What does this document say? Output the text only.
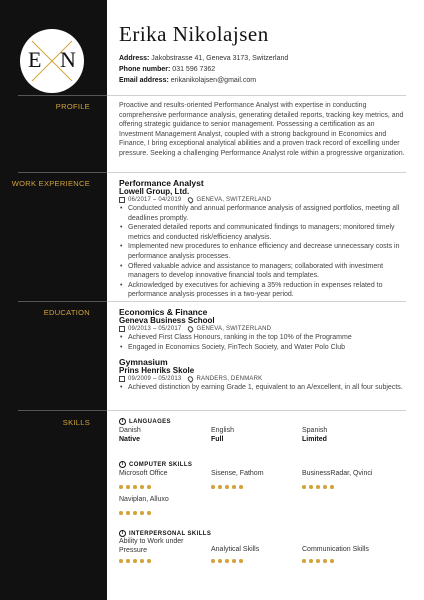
E N
Erika Nikolajsen
Address: Jakobstrasse 41, Geneva 3173, Switzerland
Phone number: 031 596 7362
Email address: erikanikolajsen@gmail.com
PROFILE	Proactive and results-oriented Performance Analyst with expertise in conducting comprehensive performance analysis, generating detailed reports, tracking key metrics, and offering strategic guidance to senior management. Possessing a certification as an Investment Management Analyst, coupled with a strong background in Economics and Finance, I bring exceptional analytical abilities and a proven track record of excelling under pressure. Seeking a challenging Performance Analyst role within a progressive organization.
WORK EXPERIENCE	Performance Analyst
Lowell Group, Ltd.
06/2017 – 04/2019	GENEVA, SWITZERLAND
• Conducted monthly and annual performance analysis of assigned portfolios, meeting all deadlines promptly.
• Generated detailed reports and communicated findings to managers; monitored timely metrics and conducted risk/efficiency analysis.
• Implemented new procedures to enhance efficiency and decrease unnecessary costs in performance analysis processes.
• Offered valuable advice and assistance to managers; collaborated with investment managers to develop innovative financial tools and templates.
• Acknowledged by executives for achieving a 35% reduction in expenses related to performance analysis processes in a two-year period.
EDUCATION	Economics & Finance
Geneva Business School
09/2013 – 05/2017	GENEVA, SWITZERLAND
• Achieved First Class Honours, ranking in the top 10% of the Programme
• Engaged in Economics Society, FinTech Society, and Water Polo Club
Gymnasium
Prins Henriks Skole
09/2009 – 05/2013	RANDERS, DENMARK
• Achieved distinction by earning Grade 1, equivalent to an A/excellent, in all four subjects.
SKILLS	i LANGUAGES
Danish
Native
English
Full
Spanish
Limited
i COMPUTER SKILLS
Microsoft Office	Sisense, Fathom	BusinessRadar, Qvinci
Naviplan, Alluxo
i INTERPERSONAL SKILLS
Ability to Work under Pressure	Analytical Skills	Communication Skills
